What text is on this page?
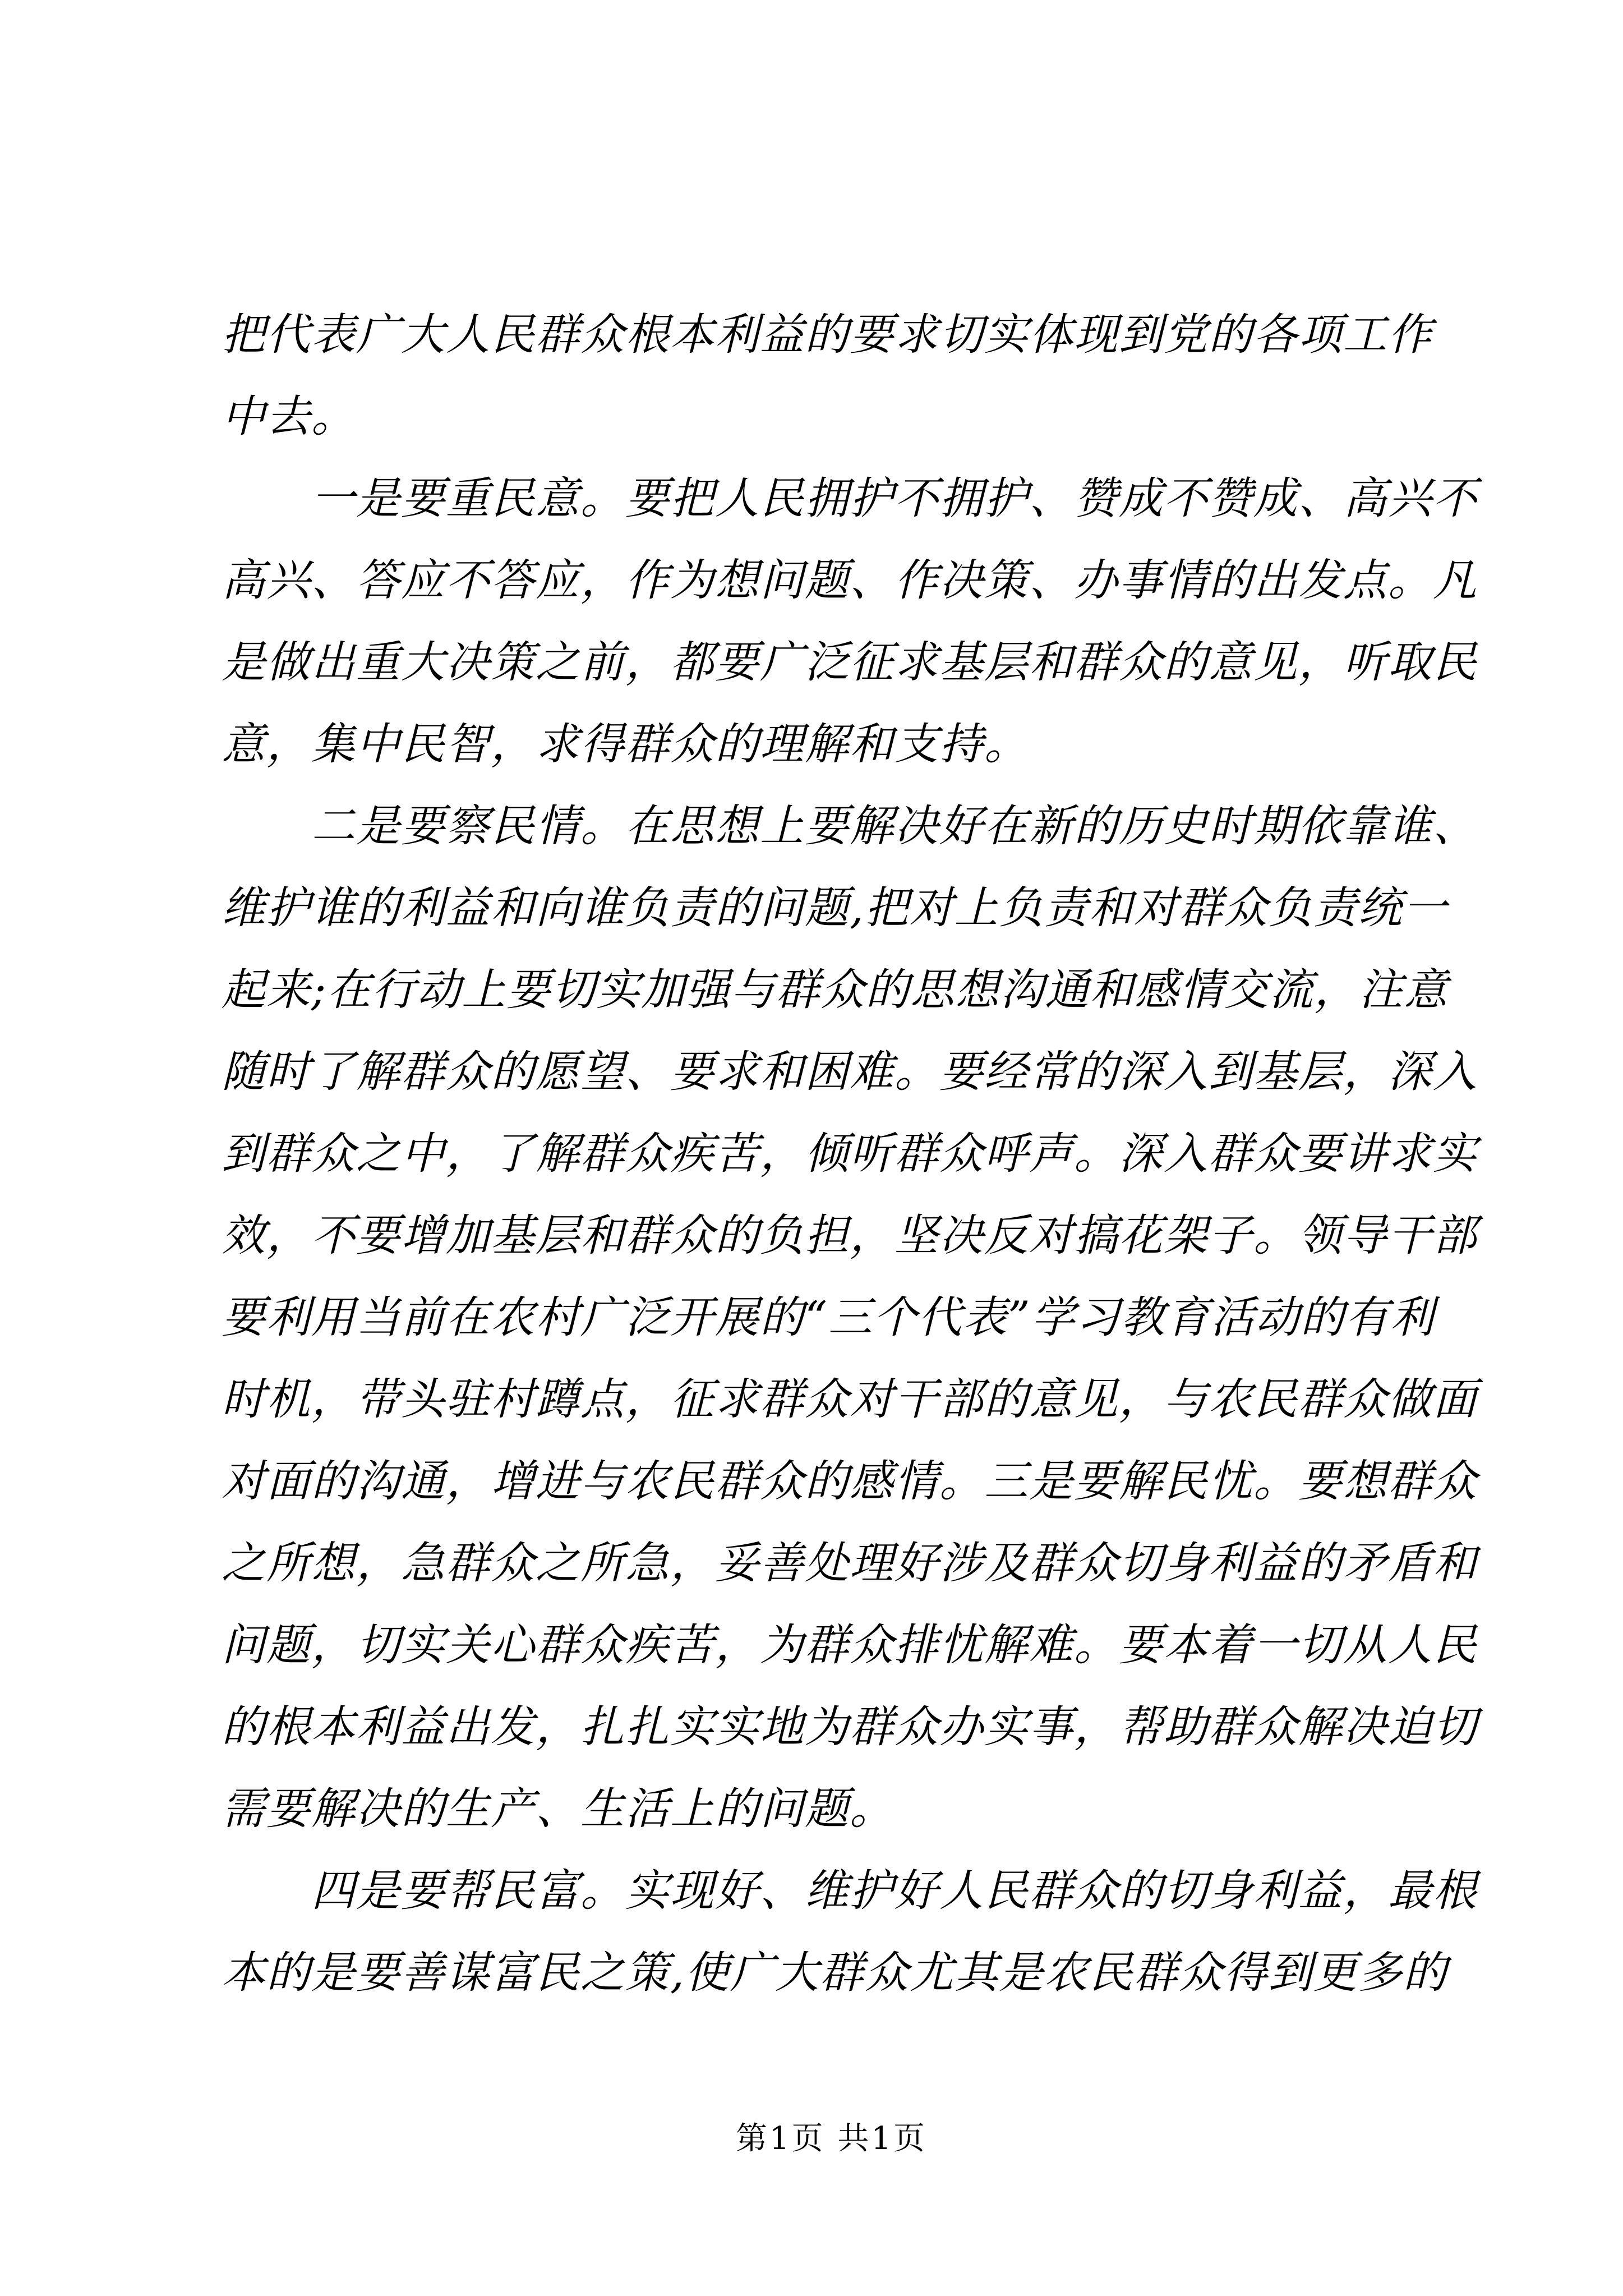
把代表广大人民群众根本利益的要求切实体现到党的各项工作
中去。
一是要重民意。要把人民拥护不拥护、赞成不赞成、高兴不
高兴、答应不答应，作为想问题、作决策、办事情的出发点。凡
是做出重大决策之前，都要广泛征求基层和群众的意见，听取民
意，集中民智，求得群众的理解和支持。
二是要察民情。在思想上要解决好在新的历史时期依靠谁、
维护谁的利益和向谁负责的问题,把对上负责和对群众负责统一
起来;在行动上要切实加强与群众的思想沟通和感情交流，注意
随时了解群众的愿望、要求和困难。要经常的深入到基层，深入
到群众之中，了解群众疾苦，倾听群众呼声。深入群众要讲求实
效，不要增加基层和群众的负担，坚决反对搞花架子。领导干部
要利用当前在农村广泛开展的“三个代表”学习教育活动的有利
时机，带头驻村蹲点，征求群众对干部的意见，与农民群众做面
对面的沟通，增进与农民群众的感情。三是要解民忧。要想群众
之所想，急群众之所急，妥善处理好涉及群众切身利益的矛盾和
问题，切实关心群众疾苦，为群众排忧解难。要本着一切从人民
的根本利益出发，扎扎实实地为群众办实事，帮助群众解决迫切
需要解决的生产、生活上的问题。
四是要帮民富。实现好、维护好人民群众的切身利益，最根
本的是要善谋富民之策,使广大群众尤其是农民群众得到更多的
第1页 共1页
